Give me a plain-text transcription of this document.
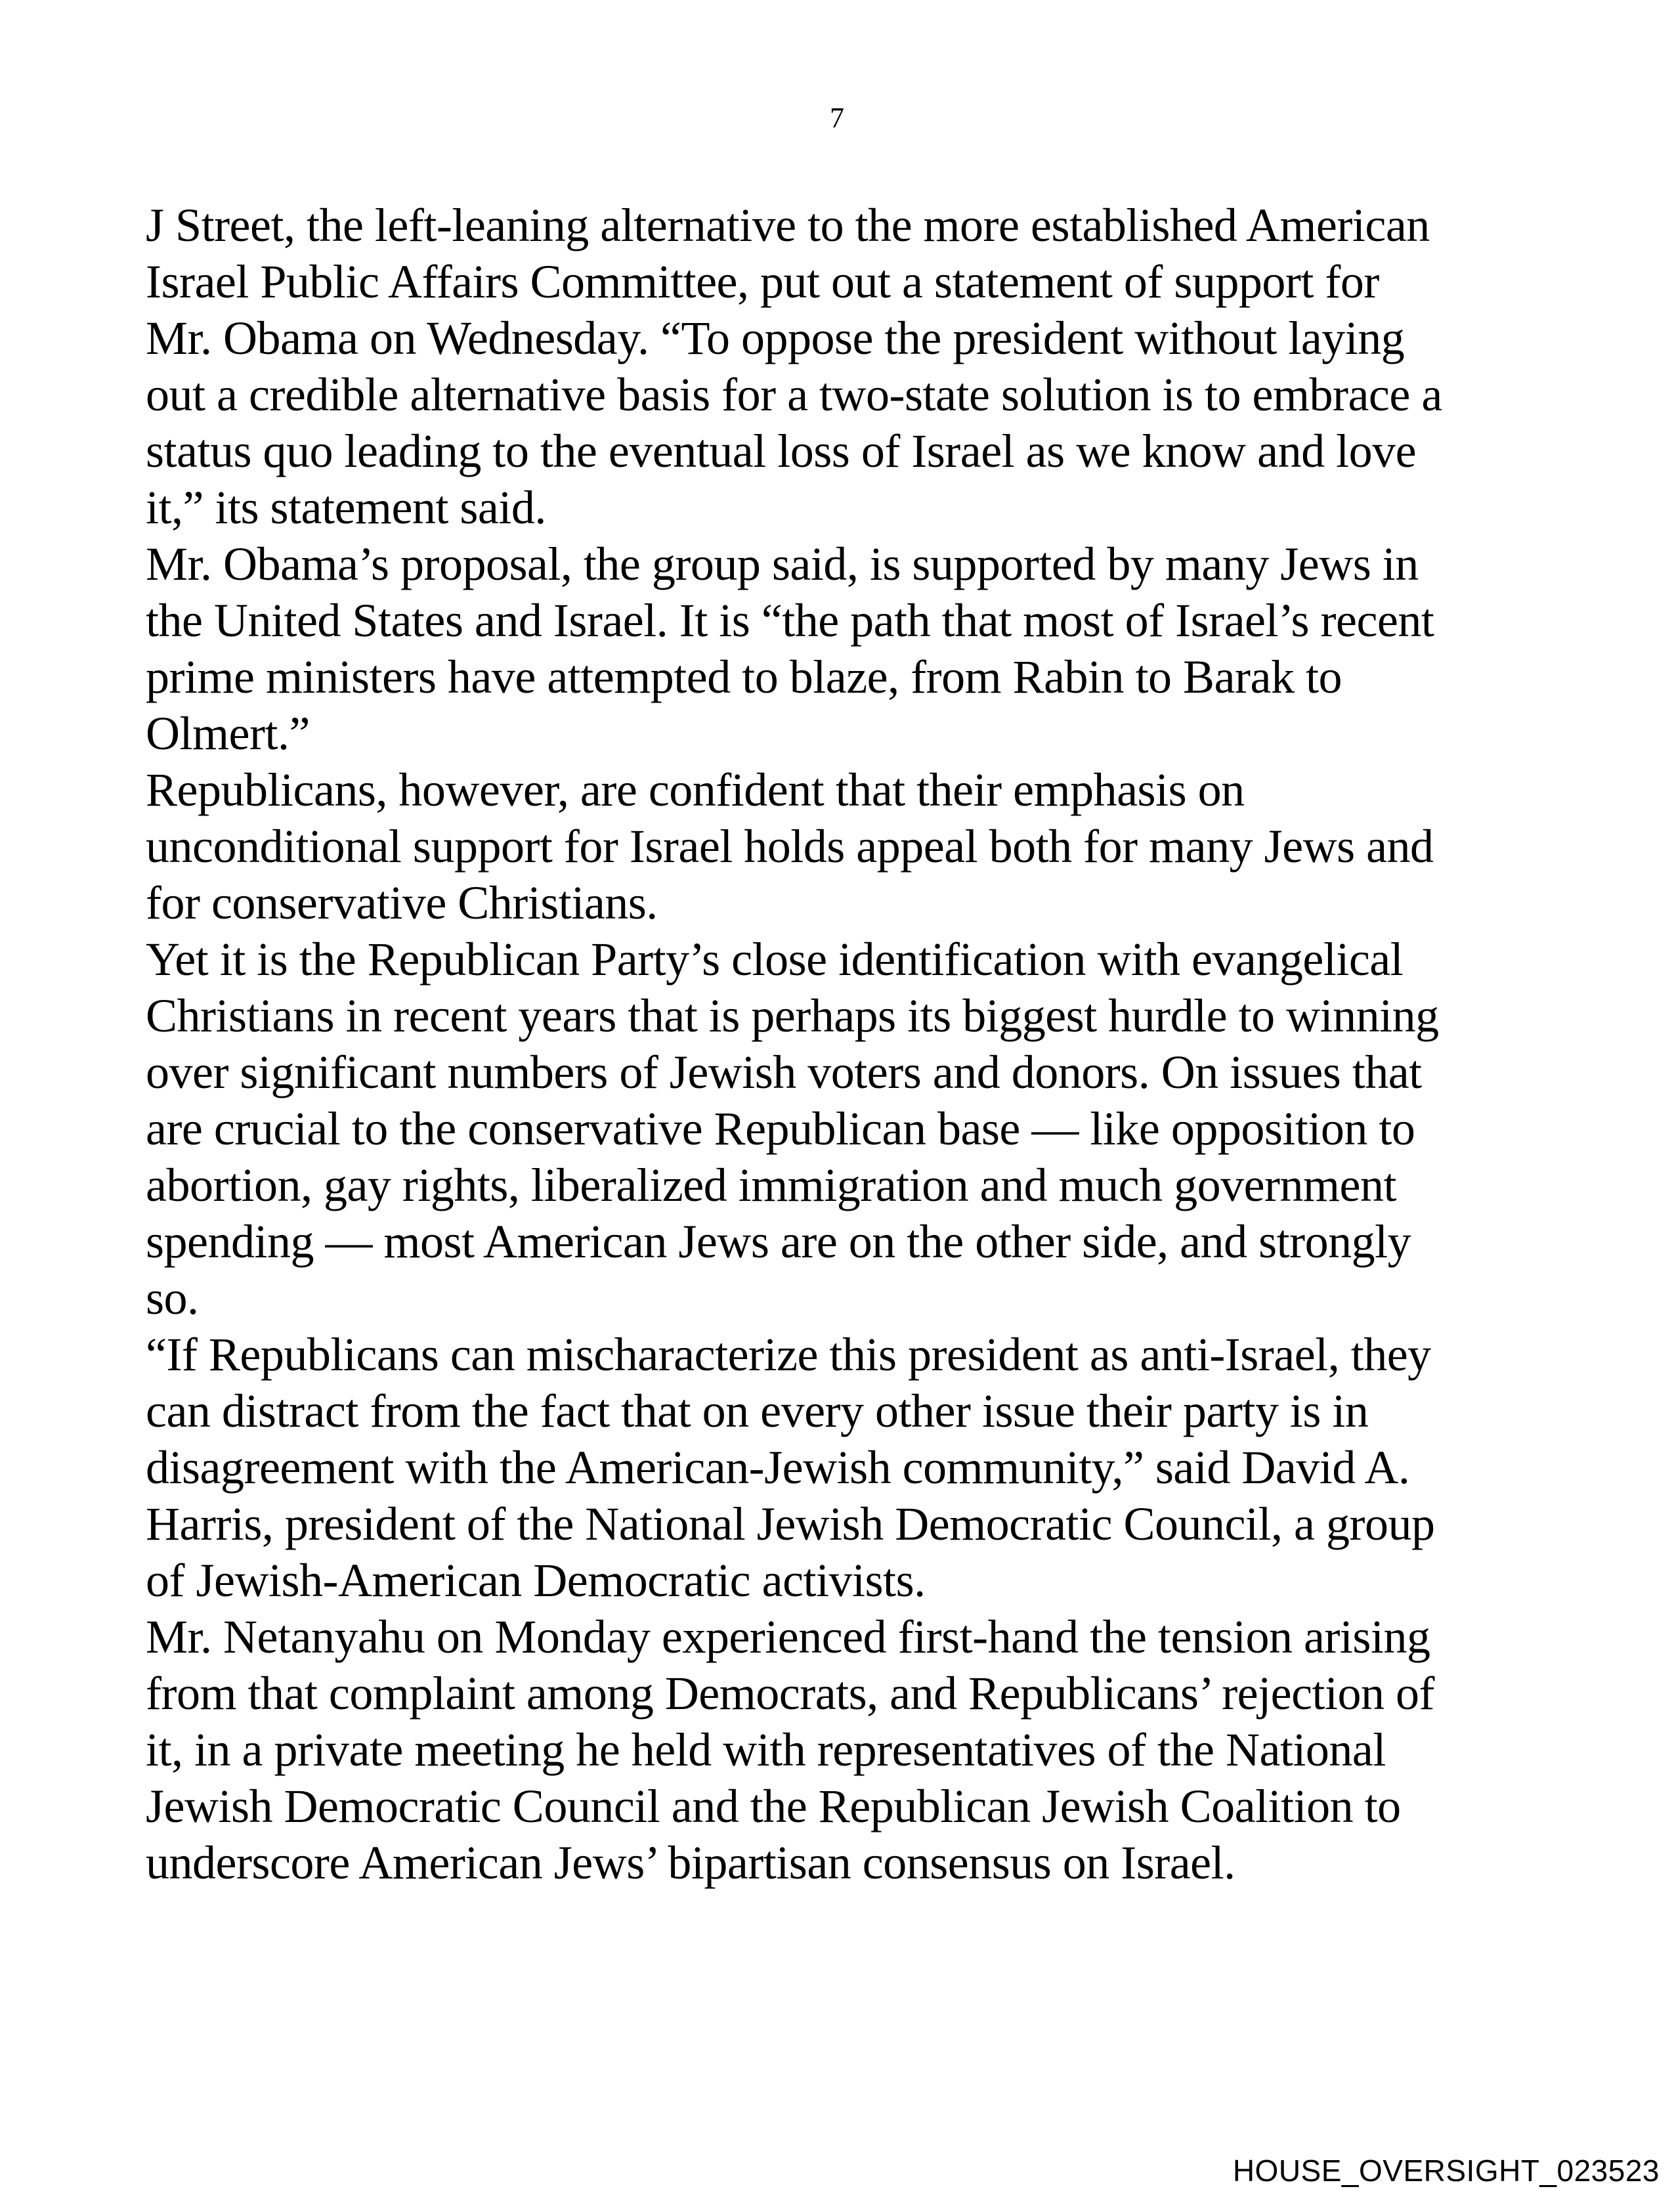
7

J Street, the left-leaning alternative to the more established American
Israel Public Affairs Committee, put out a statement of support for
Mr. Obama on Wednesday. “To oppose the president without laying
out a credible alternative basis for a two-state solution is to embrace a
status quo leading to the eventual loss of Israel as we know and love
it,” its statement said.

Mr. Obama’s proposal, the group said, is supported by many Jews in
the United States and Israel. It is “the path that most of Israel’s recent
prime ministers have attempted to blaze, from Rabin to Barak to
Olmert.”

Republicans, however, are confident that their emphasis on
unconditional support for Israel holds appeal both for many Jews and
for conservative Christians.

Yet it is the Republican Party’s close identification with evangelical
Christians in recent years that is perhaps its biggest hurdle to winning
over significant numbers of Jewish voters and donors. On issues that
are crucial to the conservative Republican base — like opposition to
abortion, gay rights, liberalized immigration and much government
spending — most American Jews are on the other side, and strongly
so.

“If Republicans can mischaracterize this president as anti-Israel, they
can distract from the fact that on every other issue their party is in
disagreement with the American-Jewish community,” said David A.
Harris, president of the National Jewish Democratic Council, a group
of Jewish-American Democratic activists.

Mr. Netanyahu on Monday experienced first-hand the tension arising
from that complaint among Democrats, and Republicans’ rejection of
it, in a private meeting he held with representatives of the National
Jewish Democratic Council and the Republican Jewish Coalition to
underscore American Jews’ bipartisan consensus on Israel.

HOUSE_OVERSIGHT_023523
